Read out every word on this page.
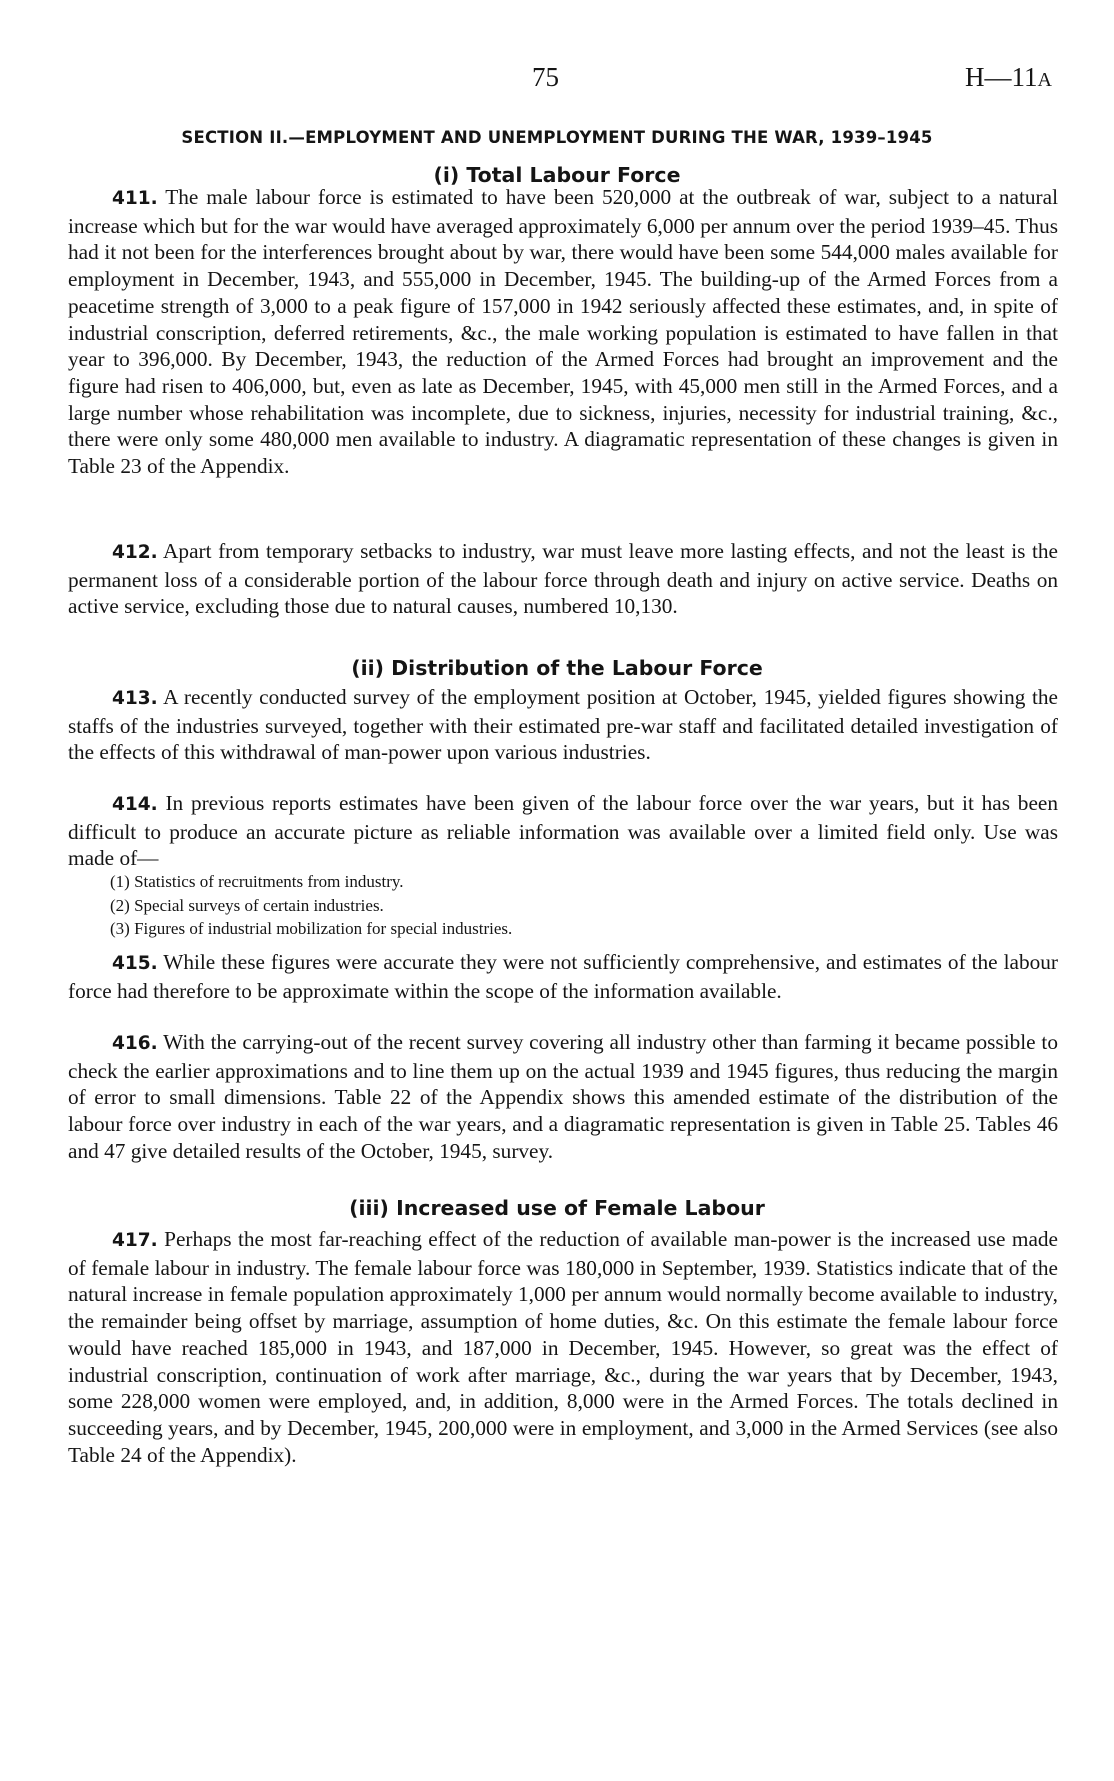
75	H—11A
SECTION II.—EMPLOYMENT AND UNEMPLOYMENT DURING THE WAR, 1939–1945
(i) Total Labour Force

411. The male labour force is estimated to have been 520,000 at the outbreak of war, subject to a natural increase which but for the war would have averaged approximately 6,000 per annum over the period 1939–45. Thus had it not been for the interferences brought about by war, there would have been some 544,000 males available for employment in December, 1943, and 555,000 in December, 1945. The building-up of the Armed Forces from a peacetime strength of 3,000 to a peak figure of 157,000 in 1942 seriously affected these estimates, and, in spite of industrial conscription, deferred retirements, &c., the male working population is estimated to have fallen in that year to 396,000. By December, 1943, the reduction of the Armed Forces had brought an improvement and the figure had risen to 406,000, but, even as late as December, 1945, with 45,000 men still in the Armed Forces, and a large number whose rehabilitation was incomplete, due to sickness, injuries, necessity for industrial training, &c., there were only some 480,000 men available to industry. A diagramatic representation of these changes is given in Table 23 of the Appendix.

412. Apart from temporary setbacks to industry, war must leave more lasting effects, and not the least is the permanent loss of a considerable portion of the labour force through death and injury on active service. Deaths on active service, excluding those due to natural causes, numbered 10,130.

(ii) Distribution of the Labour Force

413. A recently conducted survey of the employment position at October, 1945, yielded figures showing the staffs of the industries surveyed, together with their estimated pre-war staff and facilitated detailed investigation of the effects of this withdrawal of man-power upon various industries.

414. In previous reports estimates have been given of the labour force over the war years, but it has been difficult to produce an accurate picture as reliable information was available over a limited field only. Use was made of—

(1) Statistics of recruitments from industry.
(2) Special surveys of certain industries.
(3) Figures of industrial mobilization for special industries.

415. While these figures were accurate they were not sufficiently comprehensive, and estimates of the labour force had therefore to be approximate within the scope of the information available.

416. With the carrying-out of the recent survey covering all industry other than farming it became possible to check the earlier approximations and to line them up on the actual 1939 and 1945 figures, thus reducing the margin of error to small dimensions. Table 22 of the Appendix shows this amended estimate of the distribution of the labour force over industry in each of the war years, and a diagramatic representation is given in Table 25. Tables 46 and 47 give detailed results of the October, 1945, survey.

(iii) Increased use of Female Labour

417. Perhaps the most far-reaching effect of the reduction of available man-power is the increased use made of female labour in industry. The female labour force was 180,000 in September, 1939. Statistics indicate that of the natural increase in female population approximately 1,000 per annum would normally become available to industry, the remainder being offset by marriage, assumption of home duties, &c. On this estimate the female labour force would have reached 185,000 in 1943, and 187,000 in December, 1945. However, so great was the effect of industrial conscription, continuation of work after marriage, &c., during the war years that by December, 1943, some 228,000 women were employed, and, in addition, 8,000 were in the Armed Forces. The totals declined in succeeding years, and by December, 1945, 200,000 were in employment, and 3,000 in the Armed Services (see also Table 24 of the Appendix).
